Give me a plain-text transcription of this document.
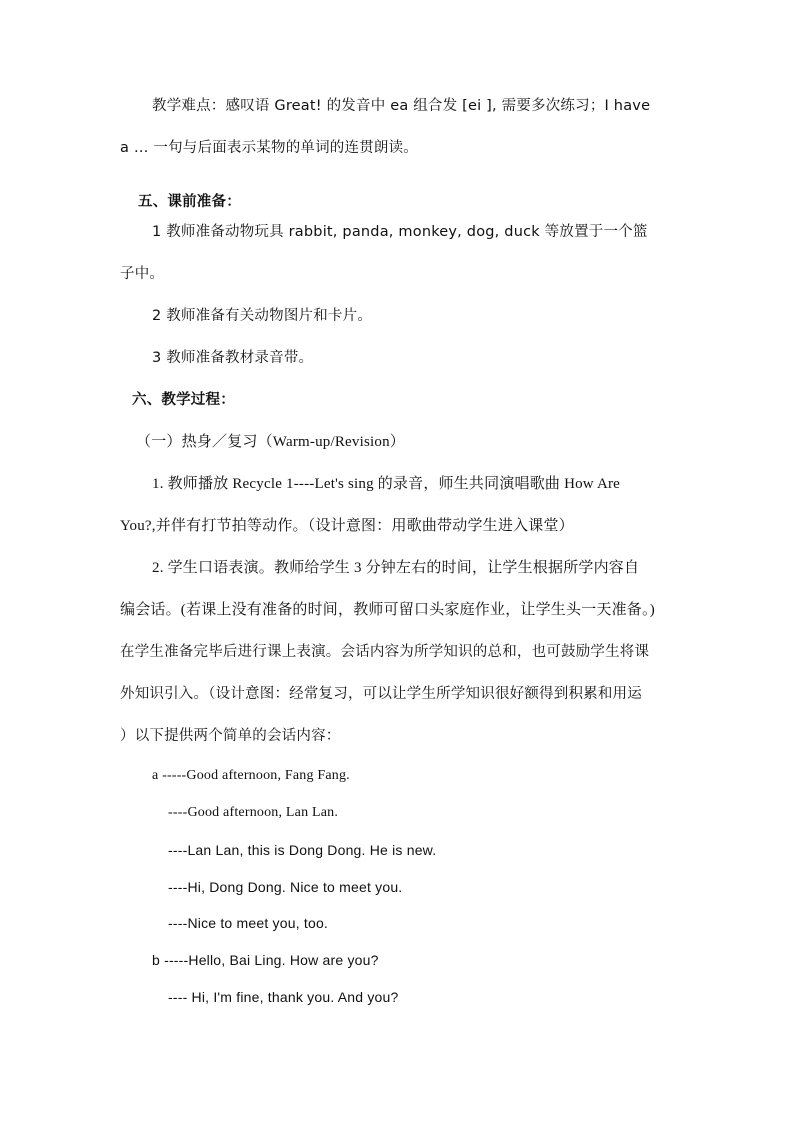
教学难点：感叹语 Great! 的发音中 ea 组合发 [ei ], 需要多次练习；I have
a … 一句与后面表示某物的单词的连贯朗读。
五、课前准备：
1 教师准备动物玩具 rabbit, panda, monkey, dog, duck 等放置于一个篮
子中。
2 教师准备有关动物图片和卡片。
3 教师准备教材录音带。
六、教学过程：
（一）热身／复习（Warm-up/Revision）
1. 教师播放 Recycle 1----Let's sing 的录音，师生共同演唱歌曲 How Are
You?,并伴有打节拍等动作。（设计意图：用歌曲带动学生进入课堂）
2. 学生口语表演。教师给学生 3 分钟左右的时间，让学生根据所学内容自
编会话。(若课上没有准备的时间，教师可留口头家庭作业，让学生头一天准备。)
在学生准备完毕后进行课上表演。会话内容为所学知识的总和，也可鼓励学生将课
外知识引入。（设计意图：经常复习，可以让学生所学知识很好额得到积累和用运
）以下提供两个简单的会话内容：
a -----Good afternoon, Fang Fang.
----Good afternoon, Lan Lan.
----Lan Lan, this is Dong Dong. He is new.
----Hi, Dong Dong. Nice to meet you.
----Nice to meet you, too.
b -----Hello, Bai Ling. How are you?
---- Hi, I'm fine, thank you. And you?
